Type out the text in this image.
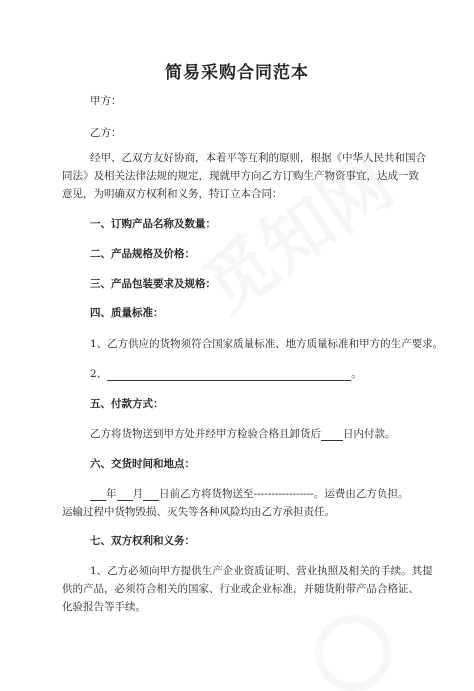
简易采购合同范本
甲方：
乙方：
经甲、乙双方友好协商，本着平等互利的原则，根据《中华人民共和国合
同法》及相关法律法规的规定，现就甲方向乙方订购生产物资事宜，达成一致
意见，为明确双方权利和义务，特订立本合同：
一、订购产品名称及数量：
二、产品规格及价格：
三、产品包装要求及规格：
四、质量标准：
1、乙方供应的货物须符合国家质量标准、地方质量标准和甲方的生产要求。
2、	。
五、付款方式：
乙方将货物送到甲方处并经甲方检验合格且卸货后 日内付款。
六、交货时间和地点：
年 月 日前乙方将货物送至-----------------。运费由乙方负担。
运输过程中货物毁损、灭失等各种风险均由乙方承担责任。
七、双方权利和义务：
1、乙方必须向甲方提供生产企业资质证明、营业执照及相关的手续。其提
供的产品，必须符合相关的国家、行业或企业标准，并随货附带产品合格证、
化验报告等手续。
